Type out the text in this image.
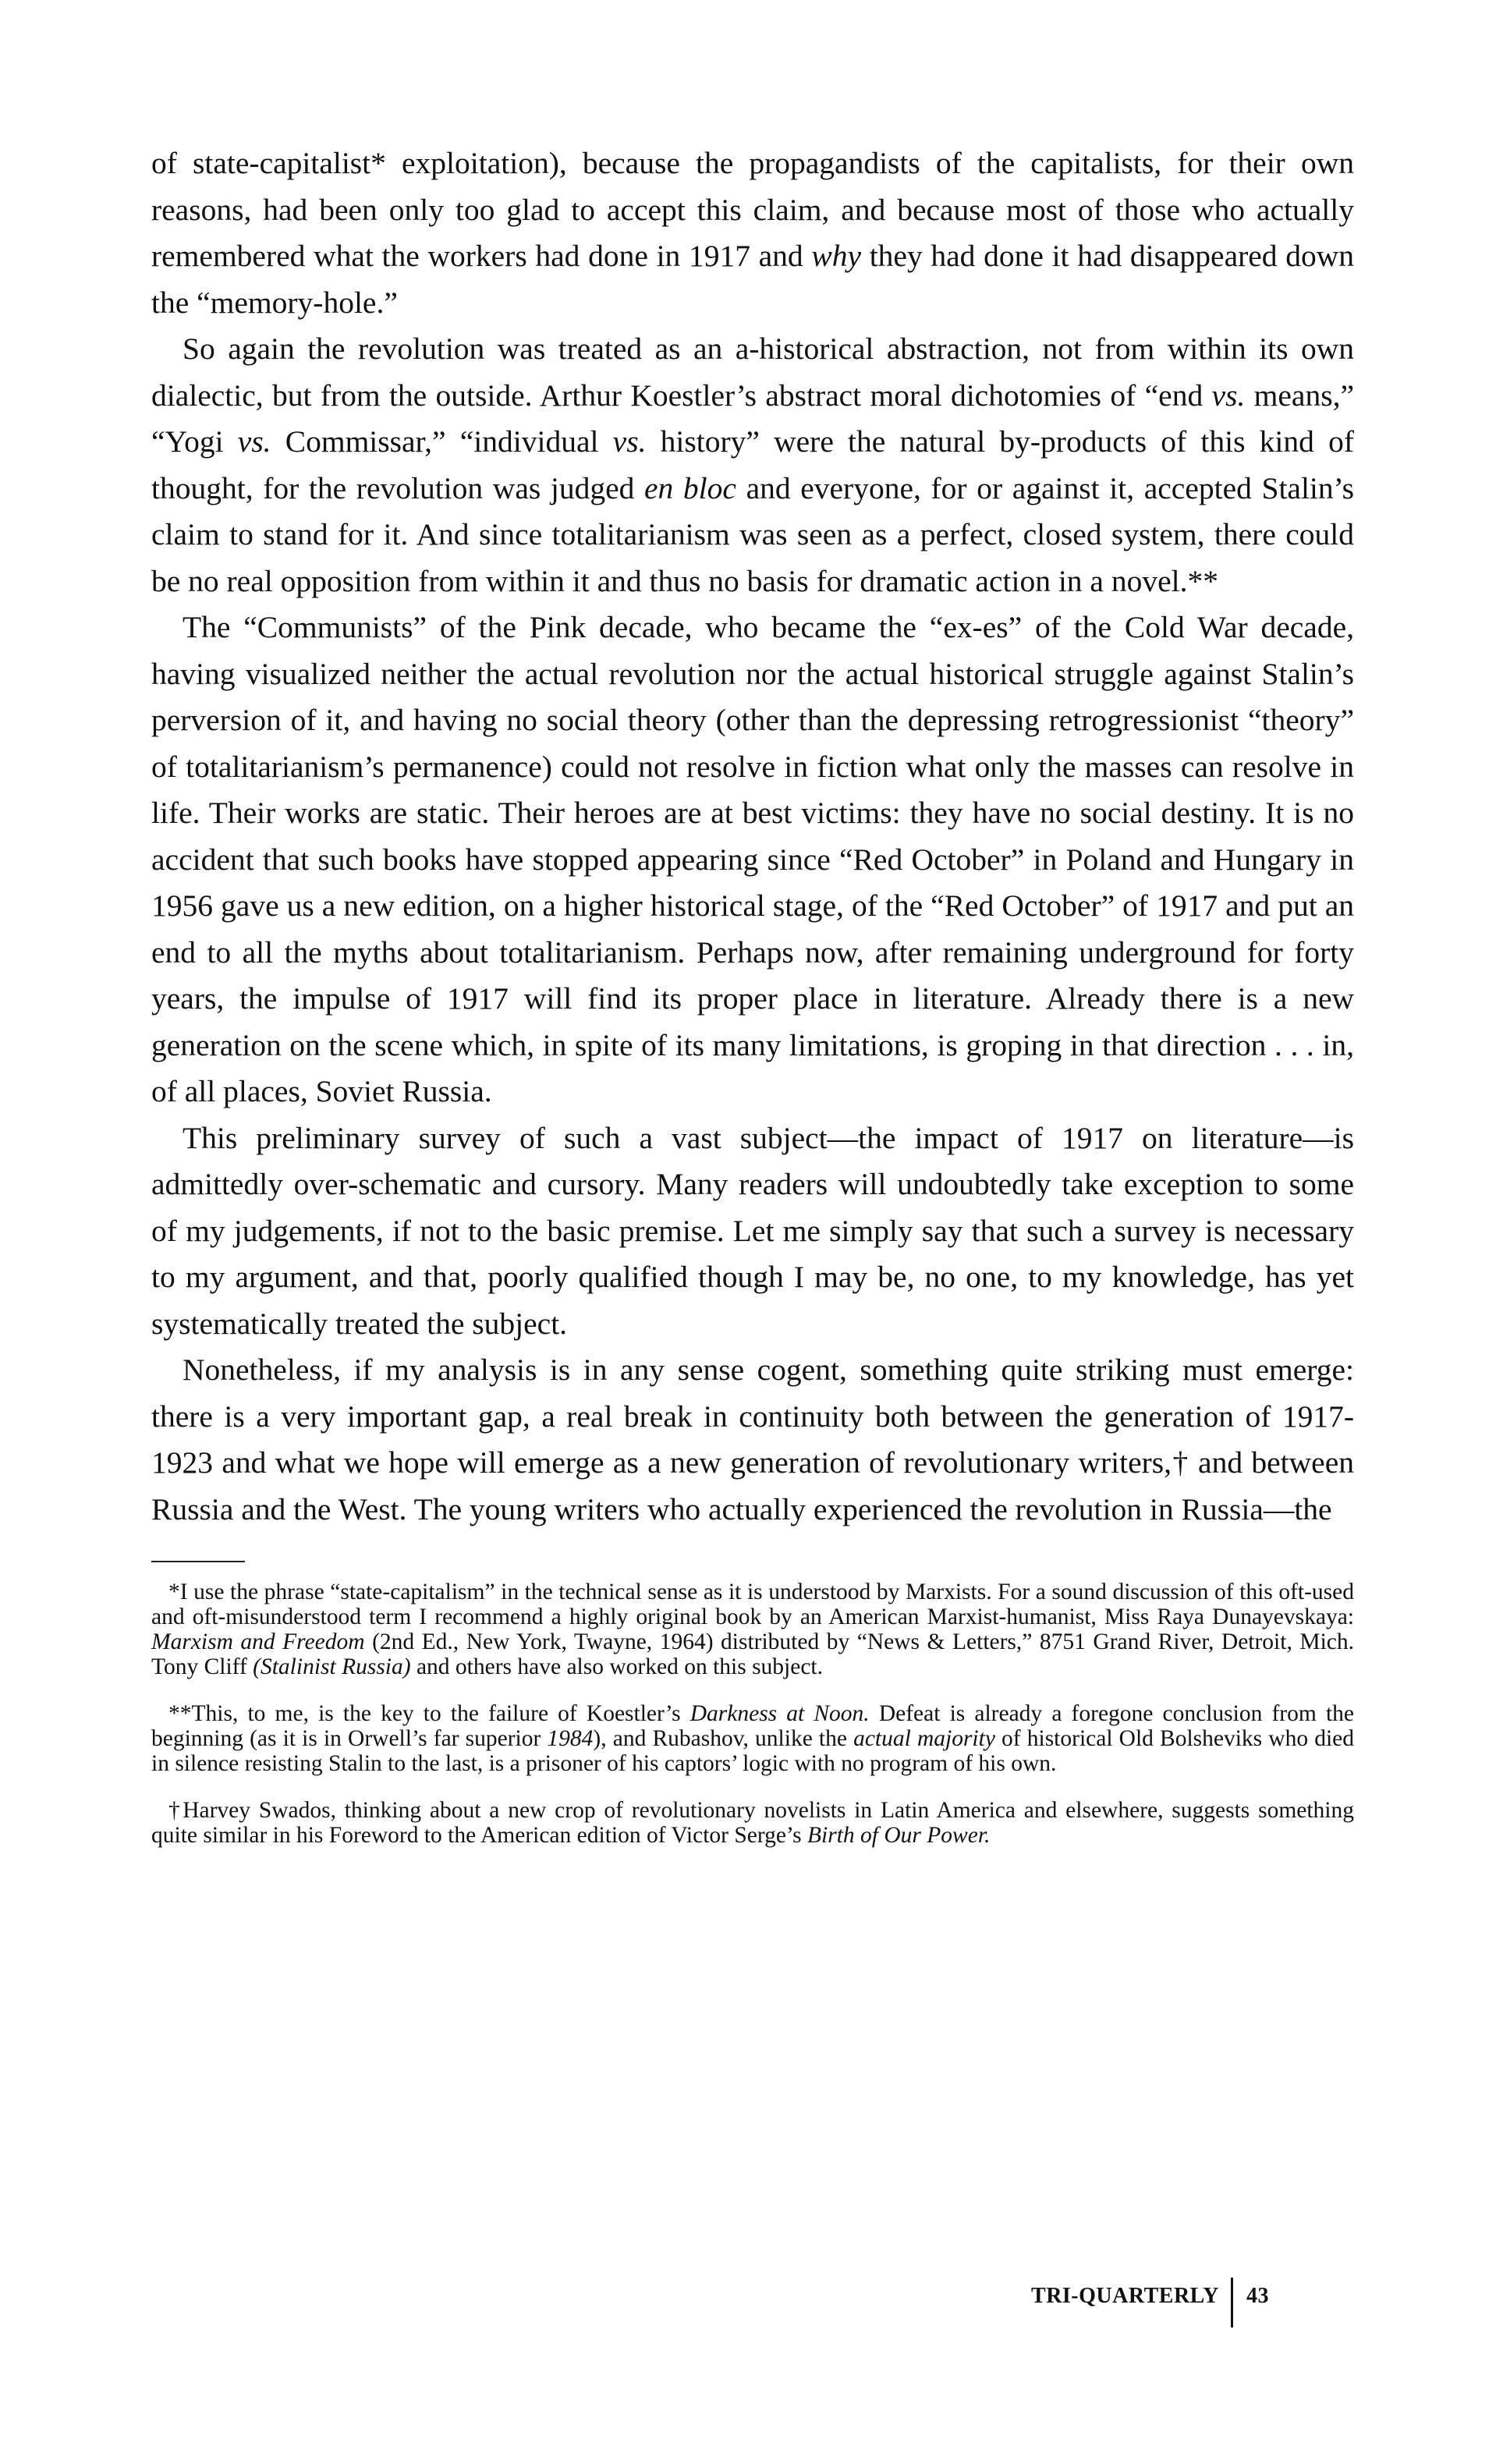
of state-capitalist* exploitation), because the propagandists of the capitalists, for their own reasons, had been only too glad to accept this claim, and because most of those who actually remembered what the workers had done in 1917 and why they had done it had disappeared down the “memory-hole.”

So again the revolution was treated as an a-historical abstraction, not from within its own dialectic, but from the outside. Arthur Koestler’s abstract moral dichotomies of “end vs. means,” “Yogi vs. Commissar,” “individual vs. history” were the natural by-products of this kind of thought, for the revolution was judged en bloc and everyone, for or against it, accepted Stalin’s claim to stand for it. And since totalitarianism was seen as a perfect, closed system, there could be no real opposition from within it and thus no basis for dramatic action in a novel.**

The “Communists” of the Pink decade, who became the “ex-es” of the Cold War decade, having visualized neither the actual revolution nor the actual historical struggle against Stalin’s perversion of it, and having no social theory (other than the depressing retrogressionist “theory” of totalitarianism’s permanence) could not resolve in fiction what only the masses can resolve in life. Their works are static. Their heroes are at best victims: they have no social destiny. It is no accident that such books have stopped appearing since “Red October” in Poland and Hungary in 1956 gave us a new edition, on a higher historical stage, of the “Red October” of 1917 and put an end to all the myths about totalitarianism. Perhaps now, after remaining underground for forty years, the impulse of 1917 will find its proper place in literature. Already there is a new generation on the scene which, in spite of its many limitations, is groping in that direction . . . in, of all places, Soviet Russia.

This preliminary survey of such a vast subject—the impact of 1917 on literature—is admittedly over-schematic and cursory. Many readers will undoubtedly take exception to some of my judgements, if not to the basic premise. Let me simply say that such a survey is necessary to my argument, and that, poorly qualified though I may be, no one, to my knowledge, has yet systematically treated the subject.

Nonetheless, if my analysis is in any sense cogent, something quite striking must emerge: there is a very important gap, a real break in continuity both between the generation of 1917-1923 and what we hope will emerge as a new generation of revolutionary writers,† and between Russia and the West. The young writers who actually experienced the revolution in Russia—the

*I use the phrase “state-capitalism” in the technical sense as it is understood by Marxists. For a sound discussion of this oft-used and oft-misunderstood term I recommend a highly original book by an American Marxist-humanist, Miss Raya Dunayevskaya: Marxism and Freedom (2nd Ed., New York, Twayne, 1964) distributed by “News & Letters,” 8751 Grand River, Detroit, Mich. Tony Cliff (Stalinist Russia) and others have also worked on this subject.

**This, to me, is the key to the failure of Koestler’s Darkness at Noon. Defeat is already a foregone conclusion from the beginning (as it is in Orwell’s far superior 1984), and Rubashov, unlike the actual majority of historical Old Bolsheviks who died in silence resisting Stalin to the last, is a prisoner of his captors’ logic with no program of his own.

†Harvey Swados, thinking about a new crop of revolutionary novelists in Latin America and elsewhere, suggests something quite similar in his Foreword to the American edition of Victor Serge’s Birth of Our Power.

TRI-QUARTERLY 43
